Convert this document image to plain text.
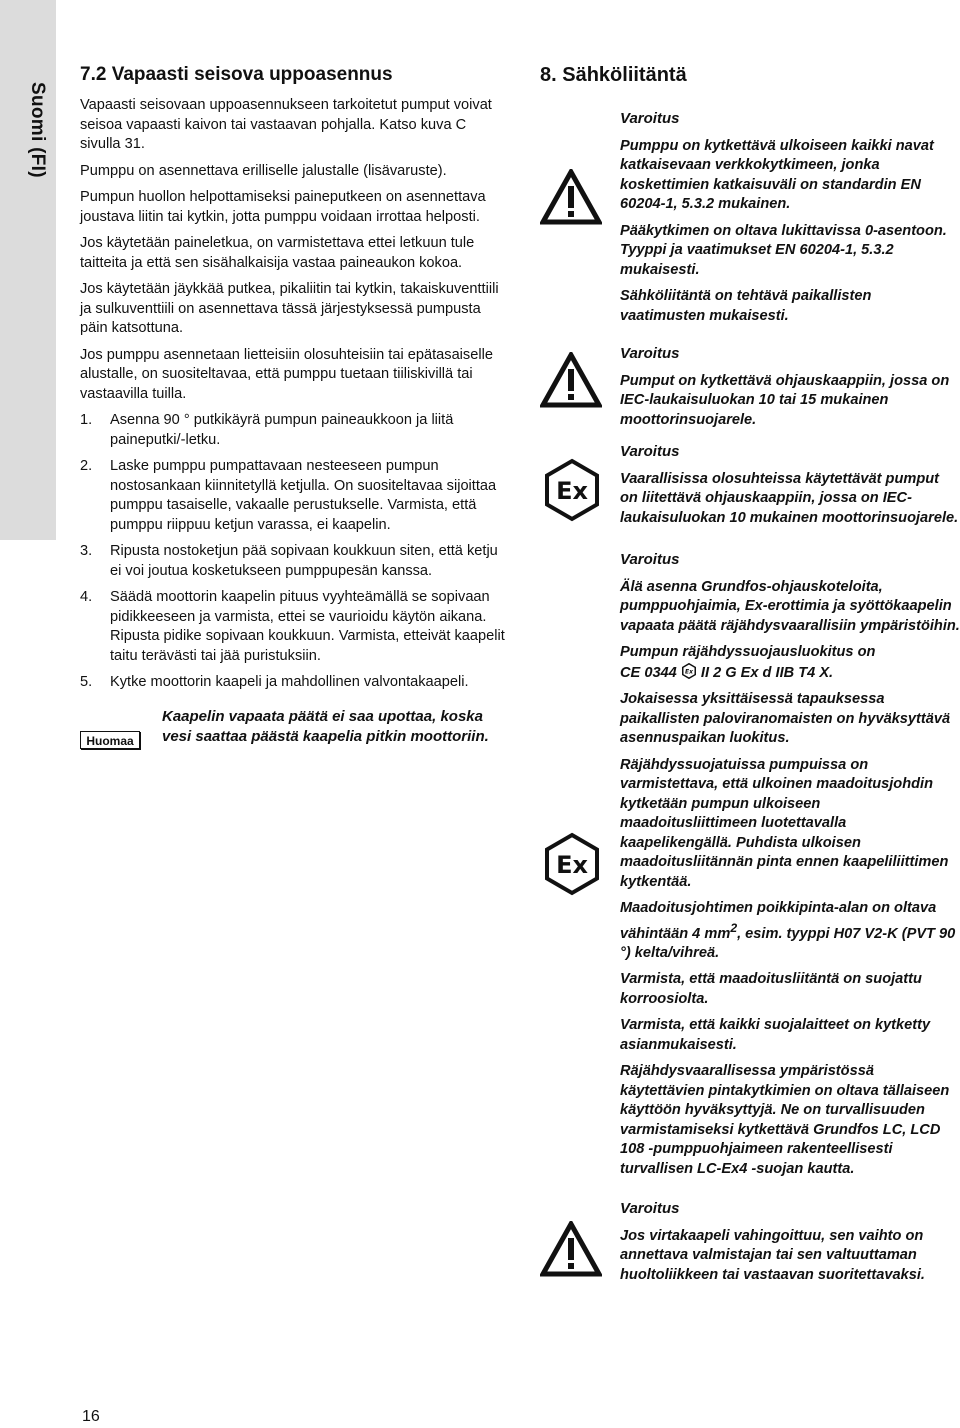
Suomi (FI)
7.2 Vapaasti seisova uppoasennus

Vapaasti seisovaan uppoasennukseen tarkoitetut pumput voivat seisoa vapaasti kaivon tai vastaavan pohjalla. Katso kuva C sivulla 31.

Pumppu on asennettava erilliselle jalustalle (lisävaruste).

Pumpun huollon helpottamiseksi paineputkeen on asennettava joustava liitin tai kytkin, jotta pumppu voidaan irrottaa helposti.

Jos käytetään paineletkua, on varmistettava ettei letkuun tule taitteita ja että sen sisähalkaisija vastaa paineaukon kokoa.

Jos käytetään jäykkää putkea, pikaliitin tai kytkin, takaiskuventtiili ja sulkuventtiili on asennettava tässä järjestyksessä pumpusta päin katsottuna.

Jos pumppu asennetaan lietteisiin olosuhteisiin tai epätasaiselle alustalle, on suositeltavaa, että pumppu tuetaan tiiliskivillä tai vastaavilla tuilla.

1.	Asenna 90 ° putkikäyrä pumpun paineaukkoon ja liitä paineputki/-letku.
2.	Laske pumppu pumpattavaan nesteeseen pumpun nostosankaan kiinnitetyllä ketjulla. On suositeltavaa sijoittaa pumppu tasaiselle, vakaalle perustukselle. Varmista, että pumppu riippuu ketjun varassa, ei kaapelin.
3.	Ripusta nostoketjun pää sopivaan koukkuun siten, että ketju ei voi joutua kosketukseen pumppupesän kanssa.
4.	Säädä moottorin kaapelin pituus vyyhteämällä se sopivaan pidikkeeseen ja varmista, ettei se vaurioidu käytön aikana. Ripusta pidike sopivaan koukkuun. Varmista, etteivät kaapelit taitu terävästi tai jää puristuksiin.
5.	Kytke moottorin kaapeli ja mahdollinen valvontakaapeli.
Huomaa
Kaapelin vapaata päätä ei saa upottaa, koska vesi saattaa päästä kaapelia pitkin moottoriin.
8. Sähköliitäntä
Varoitus

Pumppu on kytkettävä ulkoiseen kaikki navat katkaisevaan verkkokytkimeen, jonka koskettimien katkaisuväli on standardin EN 60204-1, 5.3.2 mukainen.

Pääkytkimen on oltava lukittavissa 0-asentoon. Tyyppi ja vaatimukset EN 60204-1, 5.3.2 mukaisesti.

Sähköliitäntä on tehtävä paikallisten vaatimusten mukaisesti.

Varoitus

Pumput on kytkettävä ohjauskaappiin, jossa on IEC-laukaisuluokan 10 tai 15 mukainen moottorinsuojarele.

Ex
Varoitus

Vaarallisissa olosuhteissa käytettävät pumput on liitettävä ohjauskaappiin, jossa on IEC-laukaisuluokan 10 mukainen moottorinsuojarele.

Ex
Varoitus

Älä asenna Grundfos-ohjauskoteloita, pumppuohjaimia, Ex-erottimia ja syöttökaapelin vapaata päätä räjähdysvaarallisiin ympäristöihin.

Pumpun räjähdyssuojausluokitus on
CE 0344 Ex II 2 G Ex d IIB T4 X.

Jokaisessa yksittäisessä tapauksessa paikallisten paloviranomaisten on hyväksyttävä asennuspaikan luokitus.

Räjähdyssuojatuissa pumpuissa on varmistettava, että ulkoinen maadoitusjohdin kytketään pumpun ulkoiseen maadoitusliittimeen luotettavalla kaapelikengällä. Puhdista ulkoisen maadoitusliitännän pinta ennen kaapeliliittimen kytkentää.

Maadoitusjohtimen poikkipinta-alan on oltava vähintään 4 $mm^2$, esim. tyyppi H07 V2-K (PVT 90 °) kelta/vihreä.

Varmista, että maadoitusliitäntä on suojattu korroosiolta.

Varmista, että kaikki suojalaitteet on kytketty asianmukaisesti.

Räjähdysvaarallisessa ympäristössä käytettävien pintakytkimien on oltava tällaiseen käyttöön hyväksyttyjä. Ne on turvallisuuden varmistamiseksi kytkettävä Grundfos LC, LCD 108 -pumppuohjaimeen rakenteellisesti turvallisen LC-Ex4 -suojan kautta.

Varoitus

Jos virtakaapeli vahingoittuu, sen vaihto on annettava valmistajan tai sen valtuuttaman huoltoliikkeen tai vastaavan suoritettavaksi.

16
